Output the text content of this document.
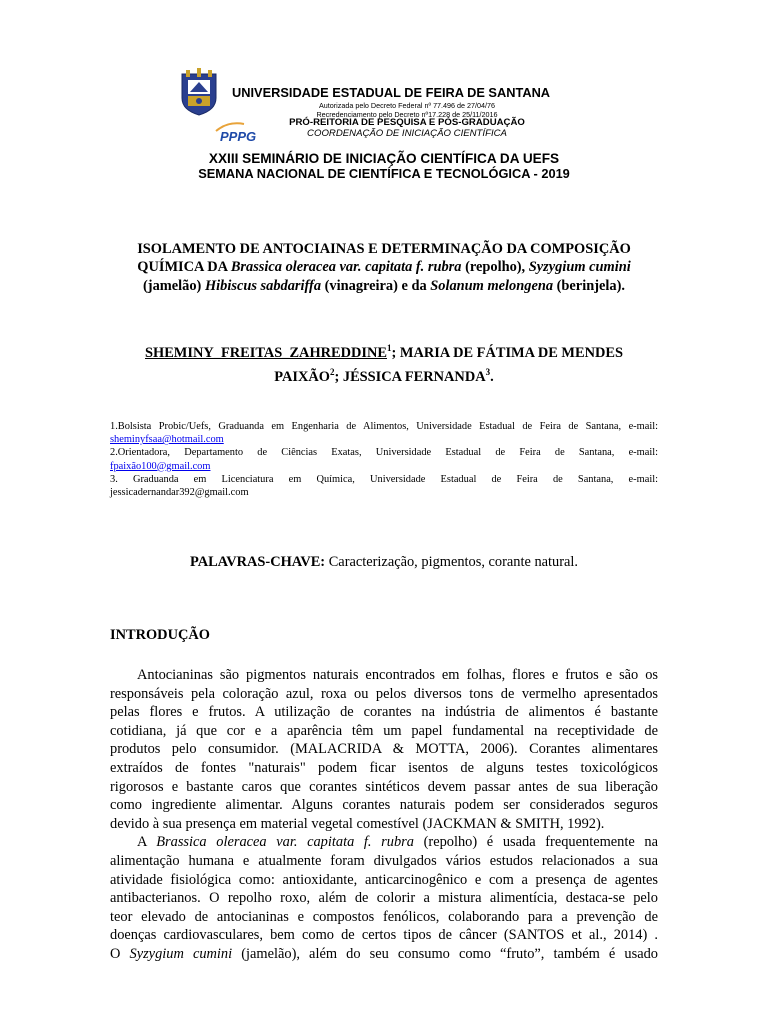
PPPG
UNIVERSIDADE ESTADUAL DE FEIRA DE SANTANA
Autorizada pelo Decreto Federal nº 77.496 de 27/04/76
Recredenciamento pelo Decreto nº17.228 de 25/11/2016
PRÓ-REITORIA DE PESQUISA E PÓS-GRADUAÇÃO
COORDENAÇÃO DE INICIAÇÃO CIENTÍFICA
XXIII SEMINÁRIO DE INICIAÇÃO CIENTÍFICA DA UEFS
SEMANA NACIONAL DE CIENTÍFICA E TECNOLÓGICA - 2019
ISOLAMENTO DE ANTOCIAINAS E DETERMINAÇÃO DA COMPOSIÇÃO
QUÍMICA DA Brassica oleracea var. capitata f. rubra (repolho), Syzygium cumini
(jamelão) Hibiscus sabdariffa (vinagreira) e da Solanum melongena (berinjela).
SHEMINY_FREITAS_ZAHREDDINE$^1$; MARIA DE FÁTIMA DE MENDES
PAIXÃO$^2$; JÉSSICA FERNANDA$^3$.
1.Bolsista Probic/Uefs, Graduanda em Engenharia de Alimentos, Universidade Estadual de Feira de Santana, e-mail:
sheminyfsaa@hotmail.com
2.Orientadora, Departamento de Ciências Exatas, Universidade Estadual de Feira de Santana, e-mail:
fpaixão100@gmail.com
3. Graduanda em Licenciatura em Química, Universidade Estadual de Feira de Santana, e-mail:
jessicadernandar392@gmail.com
PALAVRAS-CHAVE: Caracterização, pigmentos, corante natural.
INTRODUÇÃO

Antocianinas são pigmentos naturais encontrados em folhas, flores e frutos e são os

responsáveis pela coloração azul, roxa ou pelos diversos tons de vermelho apresentados

pelas flores e frutos. A utilização de corantes na indústria de alimentos é bastante

cotidiana, já que cor e a aparência têm um papel fundamental na receptividade de

produtos pelo consumidor. (MALACRIDA & MOTTA, 2006). Corantes alimentares

extraídos de fontes "naturais" podem ficar isentos de alguns testes toxicológicos

rigorosos e bastante caros que corantes sintéticos devem passar antes de sua liberação

como ingrediente alimentar. Alguns corantes naturais podem ser considerados seguros

devido à sua presença em material vegetal comestível (JACKMAN & SMITH, 1992).

A Brassica oleracea var. capitata f. rubra (repolho) é usada frequentemente na

alimentação humana e atualmente foram divulgados vários estudos relacionados a sua

atividade fisiológica como: antioxidante, anticarcinogênico e com a presença de agentes

antibacterianos. O repolho roxo, além de colorir a mistura alimentícia, destaca-se pelo

teor elevado de antocianinas e compostos fenólicos, colaborando para a prevenção de

doenças cardiovasculares, bem como de certos tipos de câncer (SANTOS et al., 2014) .

O Syzygium cumini (jamelão), além do seu consumo como “fruto”, também é usado
